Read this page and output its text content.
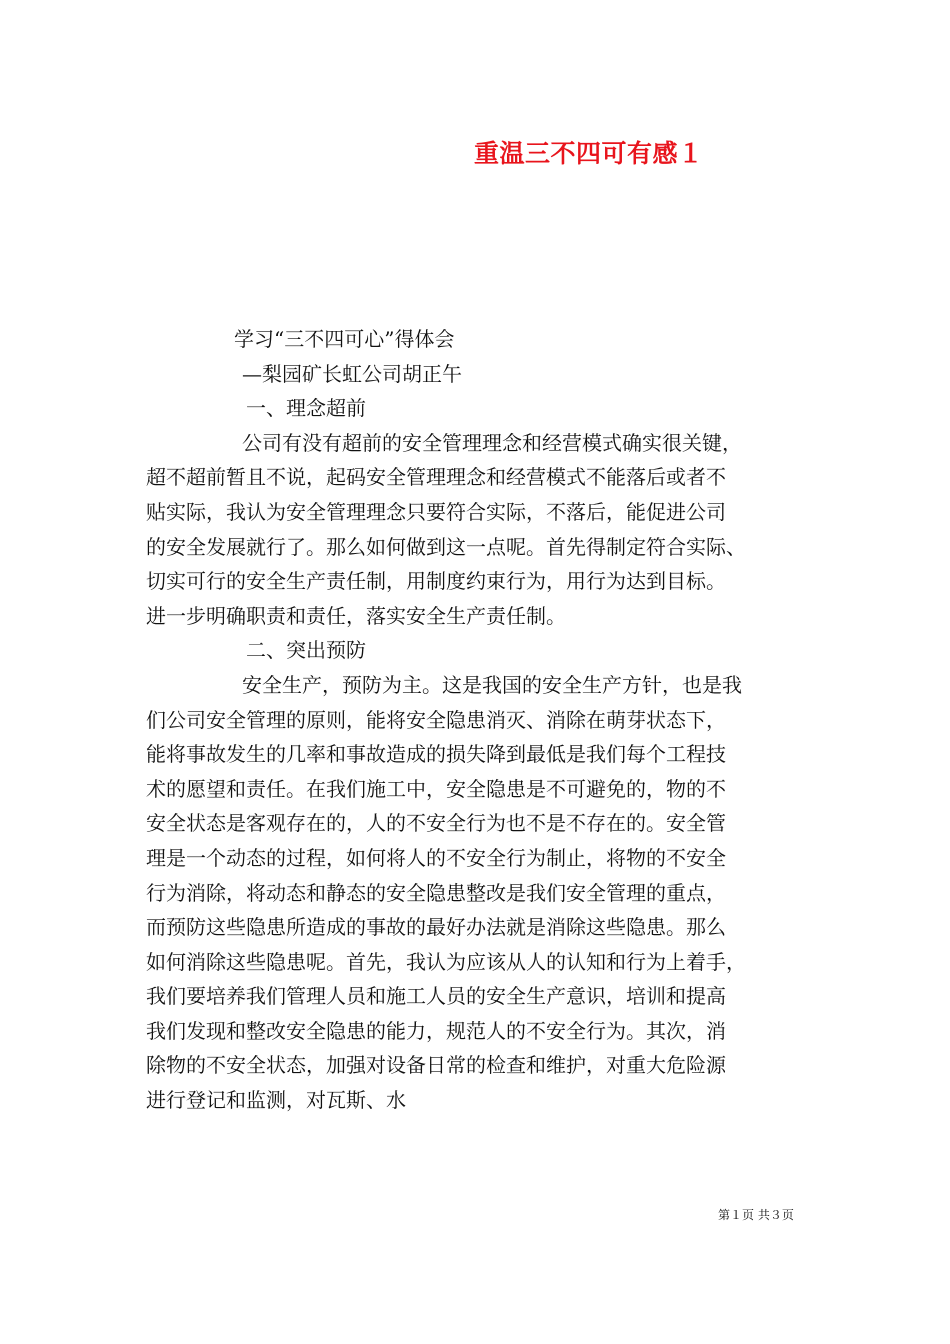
重温三不四可有感１
学习“三不四可心”得体会
—梨园矿长虹公司胡正午
一、理念超前
公司有没有超前的安全管理理念和经营模式确实很关键，
超不超前暂且不说，起码安全管理理念和经营模式不能落后或者不
贴实际，我认为安全管理理念只要符合实际，不落后，能促进公司
的安全发展就行了。那么如何做到这一点呢。首先得制定符合实际、
切实可行的安全生产责任制，用制度约束行为，用行为达到目标。
进一步明确职责和责任，落实安全生产责任制。
二、突出预防
安全生产，预防为主。这是我国的安全生产方针，也是我
们公司安全管理的原则，能将安全隐患消灭、消除在萌芽状态下，
能将事故发生的几率和事故造成的损失降到最低是我们每个工程技
术的愿望和责任。在我们施工中，安全隐患是不可避免的，物的不
安全状态是客观存在的，人的不安全行为也不是不存在的。安全管
理是一个动态的过程，如何将人的不安全行为制止，将物的不安全
行为消除，将动态和静态的安全隐患整改是我们安全管理的重点，
而预防这些隐患所造成的事故的最好办法就是消除这些隐患。那么
如何消除这些隐患呢。首先，我认为应该从人的认知和行为上着手，
我们要培养我们管理人员和施工人员的安全生产意识，培训和提高
我们发现和整改安全隐患的能力，规范人的不安全行为。其次，消
除物的不安全状态，加强对设备日常的检查和维护，对重大危险源
进行登记和监测，对瓦斯、水
第１页 共３页
